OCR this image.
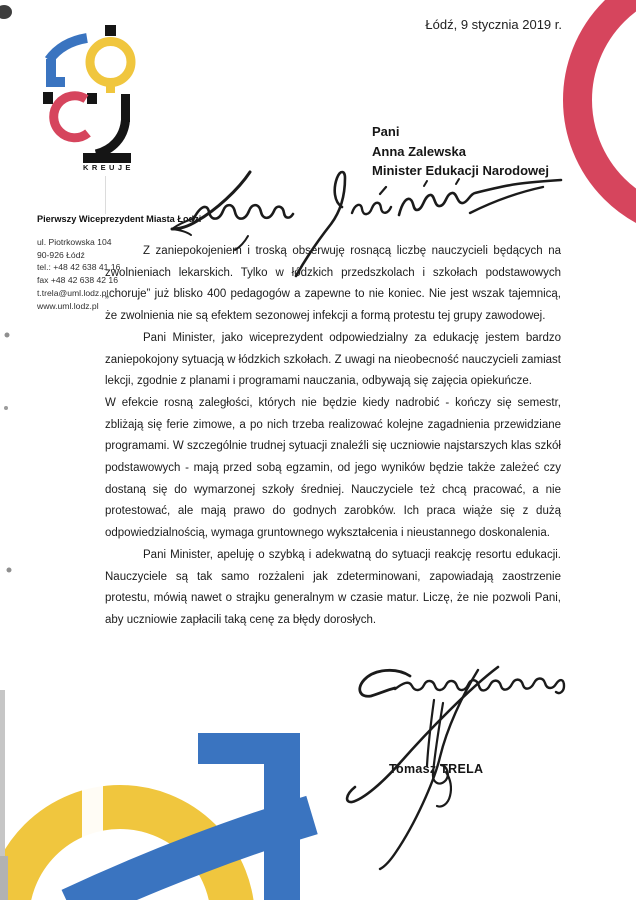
Łódź, 9 stycznia 2019 r.
KREUJE
Pierwszy Wiceprezydent Miasta Łodzi
ul. Piotrkowska 104
90-926 Łódź
tel.: +48 42 638 41 16
fax +48 42 638 42 16
t.trela@uml.lodz.pl
www.uml.lodz.pl
Pani
Anna Zalewska
Minister Edukacji Narodowej
Z zaniepokojeniem i troską obserwuję rosnącą liczbę nauczycieli będących na zwolnieniach lekarskich. Tylko w łódzkich przedszkolach i szkołach podstawowych „choruje” już blisko 400 pedagogów a zapewne to nie koniec. Nie jest wszak tajemnicą, że zwolnienia nie są efektem sezonowej infekcji a formą protestu tej grupy zawodowej.
Pani Minister, jako wiceprezydent odpowiedzialny za edukację jestem bardzo zaniepokojony sytuacją w łódzkich szkołach. Z uwagi na nieobecność nauczycieli zamiast lekcji, zgodnie z planami i programami nauczania, odbywają się zajęcia opiekuńcze.
W efekcie rosną zaległości, których nie będzie kiedy nadrobić - kończy się semestr, zbliżają się ferie zimowe, a po nich trzeba realizować kolejne zagadnienia przewidziane programami. W szczególnie trudnej sytuacji znaleźli się uczniowie najstarszych klas szkół podstawowych - mają przed sobą egzamin, od jego wyników będzie także zależeć czy dostaną się do wymarzonej szkoły średniej. Nauczyciele też chcą pracować, a nie protestować, ale mają prawo do godnych zarobków. Ich praca wiąże się z dużą odpowiedzialnością, wymaga gruntownego wykształcenia i nieustannego doskonalenia.
Pani Minister, apeluję o szybką i adekwatną do sytuacji reakcję resortu edukacji. Nauczyciele są tak samo rozżaleni jak zdeterminowani, zapowiadają zaostrzenie protestu, mówią nawet o strajku generalnym w czasie matur. Liczę, że nie pozwoli Pani, aby uczniowie zapłacili taką cenę za błędy dorosłych.
Tomasz TRELA
